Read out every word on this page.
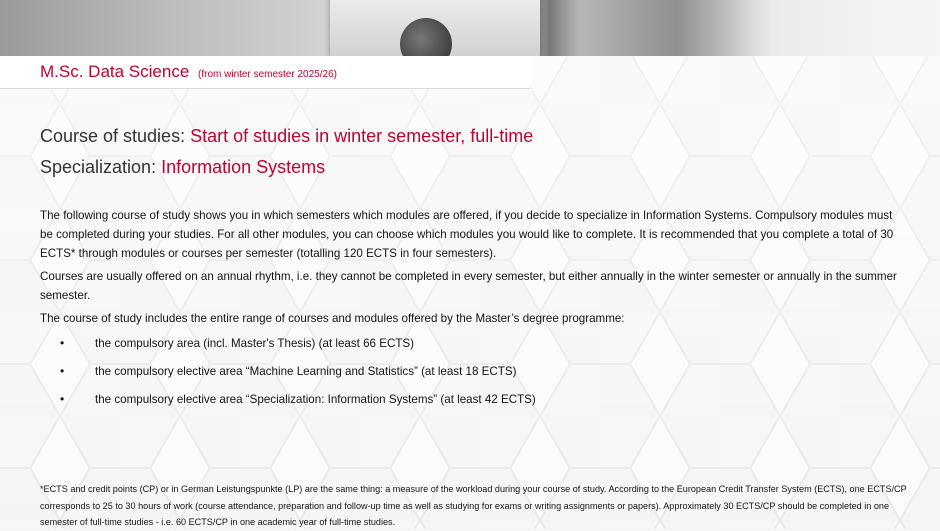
M.Sc. Data Science (from winter semester 2025/26)
Course of studies: Start of studies in winter semester, full-time
Specialization: Information Systems

The following course of study shows you in which semesters which modules are offered, if you decide to specialize in Information Systems. Compulsory modules must be completed during your studies. For all other modules, you can choose which modules you would like to complete. It is recommended that you complete a total of 30 ECTS* through modules or courses per semester (totalling 120 ECTS in four semesters).

Courses are usually offered on an annual rhythm, i.e. they cannot be completed in every semester, but either annually in the winter semester or annually in the summer semester.

The course of study includes the entire range of courses and modules offered by the Master’s degree programme:

•	the compulsory area (incl. Master's Thesis) (at least 66 ECTS)
•	the compulsory elective area “Machine Learning and Statistics” (at least 18 ECTS)
•	the compulsory elective area “Specialization: Information Systems” (at least 42 ECTS)
*ECTS and credit points (CP) or in German Leistungspunkte (LP) are the same thing: a measure of the workload during your course of study. According to the European Credit Transfer System (ECTS), one ECTS/CP corresponds to 25 to 30 hours of work (course attendance, preparation and follow-up time as well as studying for exams or writing assignments or papers). Approximately 30 ECTS/CP should be completed in one semester of full-time studies - i.e. 60 ECTS/CP in one academic year of full-time studies.
